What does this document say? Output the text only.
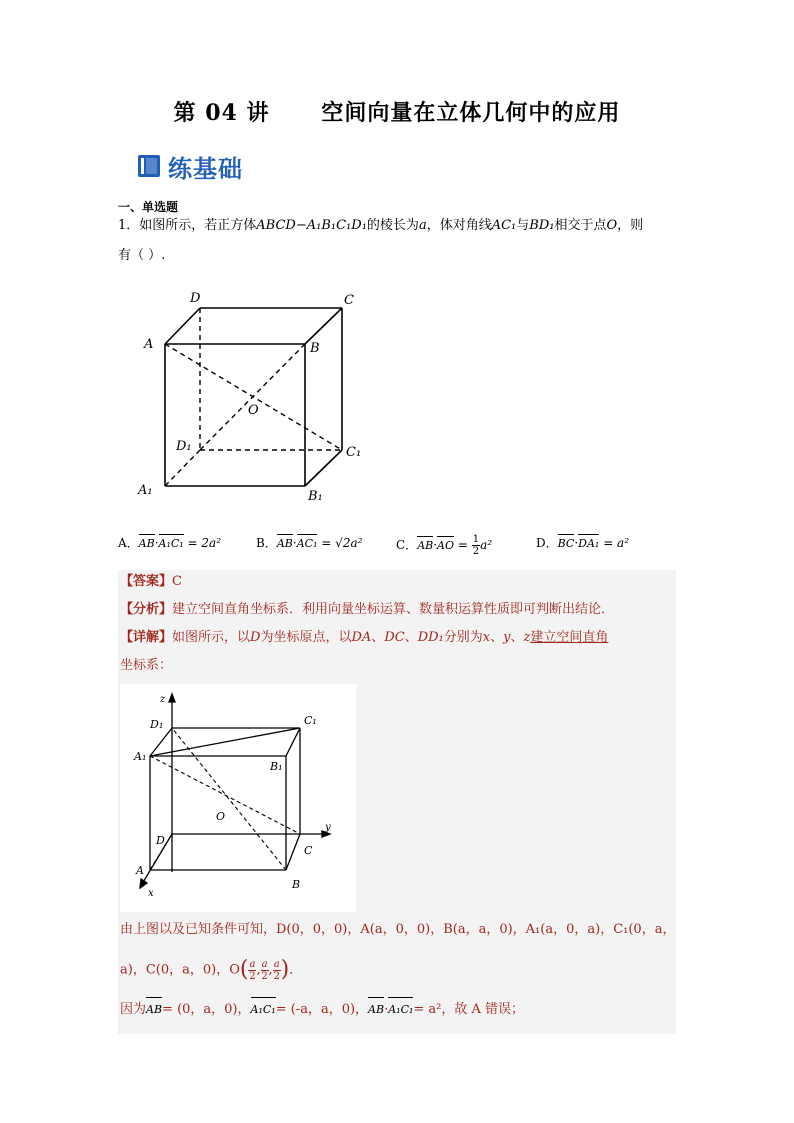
第 04 讲      空间向量在立体几何中的应用
练基础
一、单选题
1．如图所示，若正方体ABCD−A₁B₁C₁D₁的棱长为a，体对角线AC₁与BD₁相交于点O，则
有（ ）.
D	C
A	B
O
D₁	C₁
A₁	B₁
A．AB·A₁C₁ = 2a²	B．AB·AC₁ = √2a²	C．$AB\cdot AO = \frac{1}{2} a^2$	D．BC·DA₁ = a²
【答案】C
【分析】建立空间直角坐标系．利用向量坐标运算、数量积运算性质即可判断出结论．
【详解】如图所示，以D为坐标原点，以DA、DC、DD₁分别为x、y、z建立空间直角
坐标系：
z
y
x
D₁	C₁
A₁
B₁
O
D
C
A
B
由上图以及已知条件可知，D(0，0，0)，A(a，0，0)，B(a，a，0)，A₁(a，0，a)，C₁(0，a，
a)，C(0，a，0)，$O( \frac{a}{2}$ , $\frac{a}{2}$ , $\frac{a}{2}$ )．
因为AB= (0，a，0)，A₁C₁= (-a，a，0)，AB·A₁C₁= a²，故 A 错误；
